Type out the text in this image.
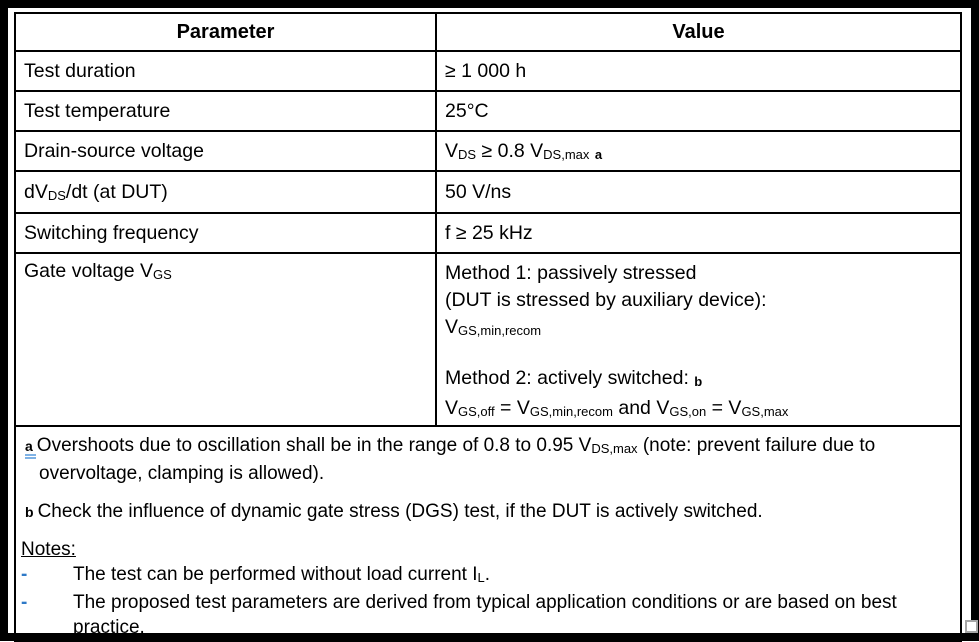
Parameter	Value
Test duration	≥ 1 000 h
Test temperature	25°C
Drain-source voltage	VDS ≥ 0.8 VDS,max a
dVDS/dt (at DUT)	50 V/ns
Switching frequency	f ≥ 25 kHz
Gate voltage VGS	Method 1: passively stressed
(DUT is stressed by auxiliary device):
VGS,min,recom
Method 2: actively switched: b
VGS,off = VGS,min,recom and VGS,on = VGS,max

a Overshoots due to oscillation shall be in the range of 0.8 to 0.95 VDS,max (note: prevent failure due to overvoltage, clamping is allowed).
b Check the influence of dynamic gate stress (DGS) test, if the DUT is actively switched.
Notes:
- The test can be performed without load current IL.
- The proposed test parameters are derived from typical application conditions or are based on best practice.
